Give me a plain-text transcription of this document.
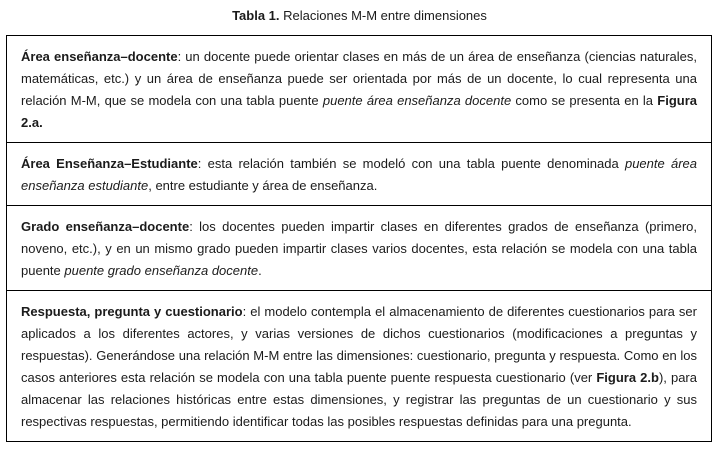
Tabla 1. Relaciones M-M entre dimensiones

Área enseñanza–docente: un docente puede orientar clases en más de un área de enseñanza (ciencias naturales, matemáticas, etc.) y un área de enseñanza puede ser orientada por más de un docente, lo cual representa una relación M-M, que se modela con una tabla puente puente área enseñanza docente como se presenta en la Figura 2.a.

Área Enseñanza–Estudiante: esta relación también se modeló con una tabla puente denominada puente área enseñanza estudiante, entre estudiante y área de enseñanza.

Grado enseñanza–docente: los docentes pueden impartir clases en diferentes grados de enseñanza (primero, noveno, etc.), y en un mismo grado pueden impartir clases varios docentes, esta relación se modela con una tabla puente puente grado enseñanza docente.

Respuesta, pregunta y cuestionario: el modelo contempla el almacenamiento de diferentes cuestionarios para ser aplicados a los diferentes actores, y varias versiones de dichos cuestionarios (modificaciones a preguntas y respuestas). Generándose una relación M-M entre las dimensiones: cuestionario, pregunta y respuesta. Como en los casos anteriores esta relación se modela con una tabla puente puente respuesta cuestionario (ver Figura 2.b), para almacenar las relaciones históricas entre estas dimensiones, y registrar las preguntas de un cuestionario y sus respectivas respuestas, permitiendo identificar todas las posibles respuestas definidas para una pregunta.
